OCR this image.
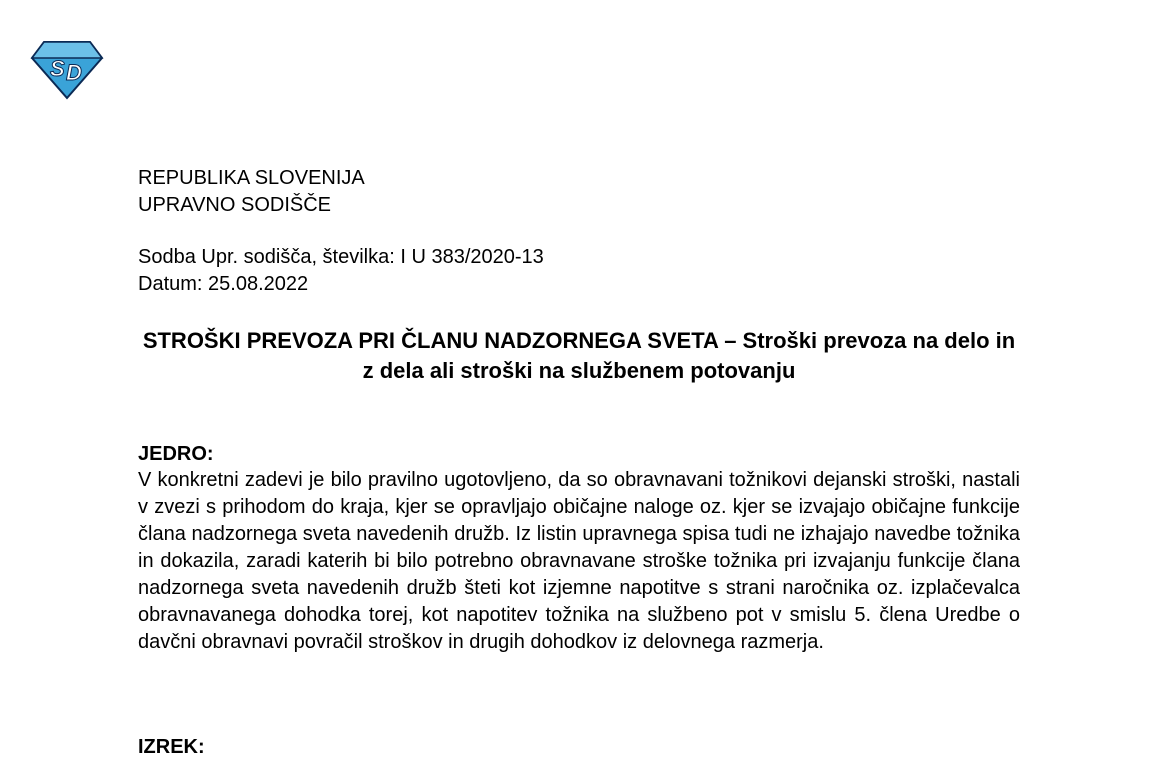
S D
REPUBLIKA SLOVENIJA
UPRAVNO SODIŠČE
Sodba Upr. sodišča, številka: I U 383/2020-13
Datum: 25.08.2022
STROŠKI PREVOZA PRI ČLANU NADZORNEGA SVETA – Stroški prevoza na delo in z dela ali stroški na službenem potovanju
JEDRO:

V konkretni zadevi je bilo pravilno ugotovljeno, da so obravnavani tožnikovi dejanski stroški, nastali v zvezi s prihodom do kraja, kjer se opravljajo običajne naloge oz. kjer se izvajajo običajne funkcije člana nadzornega sveta navedenih družb. Iz listin upravnega spisa tudi ne izhajajo navedbe tožnika in dokazila, zaradi katerih bi bilo potrebno obravnavane stroške tožnika pri izvajanju funkcije člana nadzornega sveta navedenih družb šteti kot izjemne napotitve s strani naročnika oz. izplačevalca obravnavanega dohodka torej, kot napotitev tožnika na službeno pot v smislu 5. člena Uredbe o davčni obravnavi povračil stroškov in drugih dohodkov iz delovnega razmerja.

IZREK:
